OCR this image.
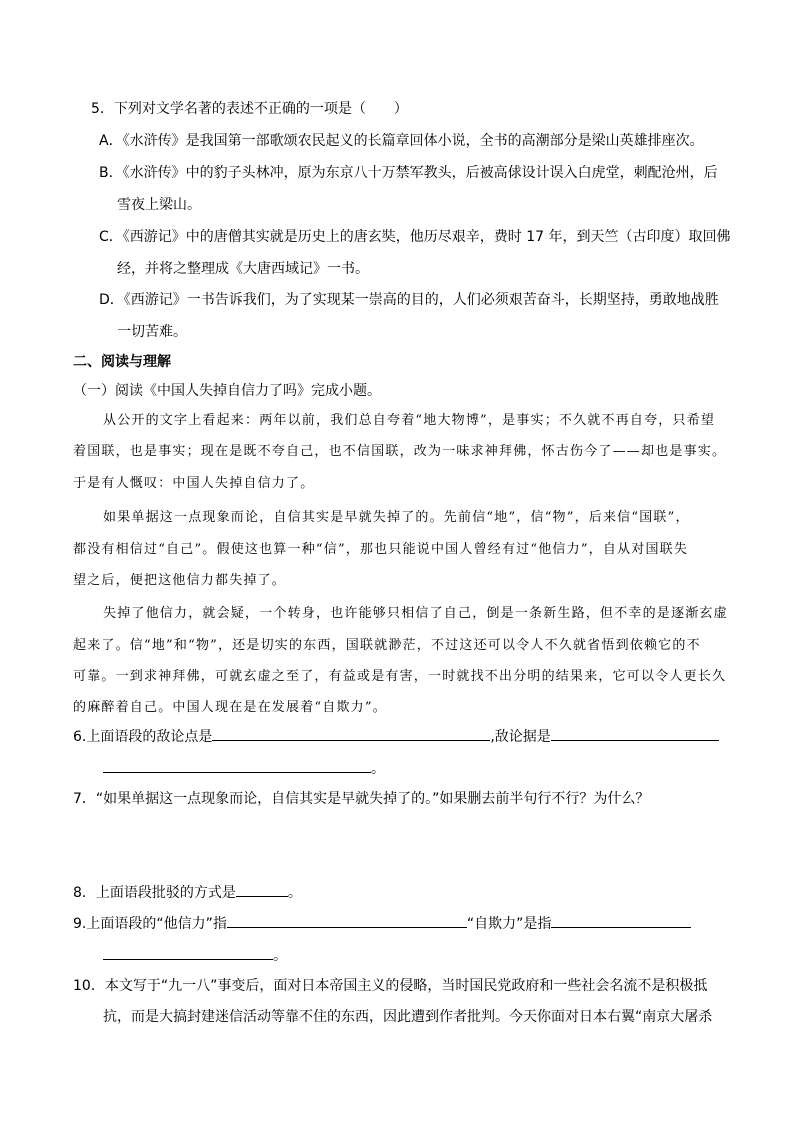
5．下列对文学名著的表述不正确的一项是（　　）
A．《水浒传》是我国第一部歌颂农民起义的长篇章回体小说，全书的高潮部分是梁山英雄排座次。
B．《水浒传》中的豹子头林冲，原为东京八十万禁军教头，后被高俅设计误入白虎堂，刺配沧州，后
雪夜上梁山。
C．《西游记》中的唐僧其实就是历史上的唐玄奘，他历尽艰辛，费时 17 年，到天竺（古印度）取回佛
经，并将之整理成《大唐西域记》一书。
D．《西游记》一书告诉我们，为了实现某一崇高的目的，人们必须艰苦奋斗，长期坚持，勇敢地战胜
一切苦难。
二、阅读与理解
（一）阅读《中国人失掉自信力了吗》完成小题。
从公开的文字上看起来：两年以前，我们总自夸着“地大物博”，是事实；不久就不再自夸，只希望
着国联，也是事实；现在是既不夸自己，也不信国联，改为一味求神拜佛，怀古伤今了——却也是事实。
于是有人慨叹：中国人失掉自信力了。
如果单据这一点现象而论，自信其实是早就失掉了的。先前信“地”，信“物”，后来信“国联”，
都没有相信过“自己”。假使这也算一种“信”，那也只能说中国人曾经有过“他信力”，自从对国联失
望之后，便把这他信力都失掉了。
失掉了他信力，就会疑，一个转身，也许能够只相信了自己，倒是一条新生路，但不幸的是逐渐玄虚
起来了。信“地”和“物”，还是切实的东西，国联就渺茫，不过这还可以令人不久就省悟到依赖它的不
可靠。一到求神拜佛，可就玄虚之至了，有益或是有害，一时就找不出分明的结果来，它可以令人更长久
的麻醉着自己。中国人现在是在发展着“自欺力”。
6.上面语段的敌论点是	,敌论据是
。
7．“如果单据这一点现象而论，自信其实是早就失掉了的。”如果删去前半句行不行？为什么？
8．上面语段批驳的方式是	。
9.上面语段的“他信力”指	“自欺力”是指
。
10．本文写于“九一八”事变后，面对日本帝国主义的侵略，当时国民党政府和一些社会名流不是积极抵
抗，而是大搞封建迷信活动等靠不住的东西，因此遭到作者批判。今天你面对日本右翼“南京大屠杀
